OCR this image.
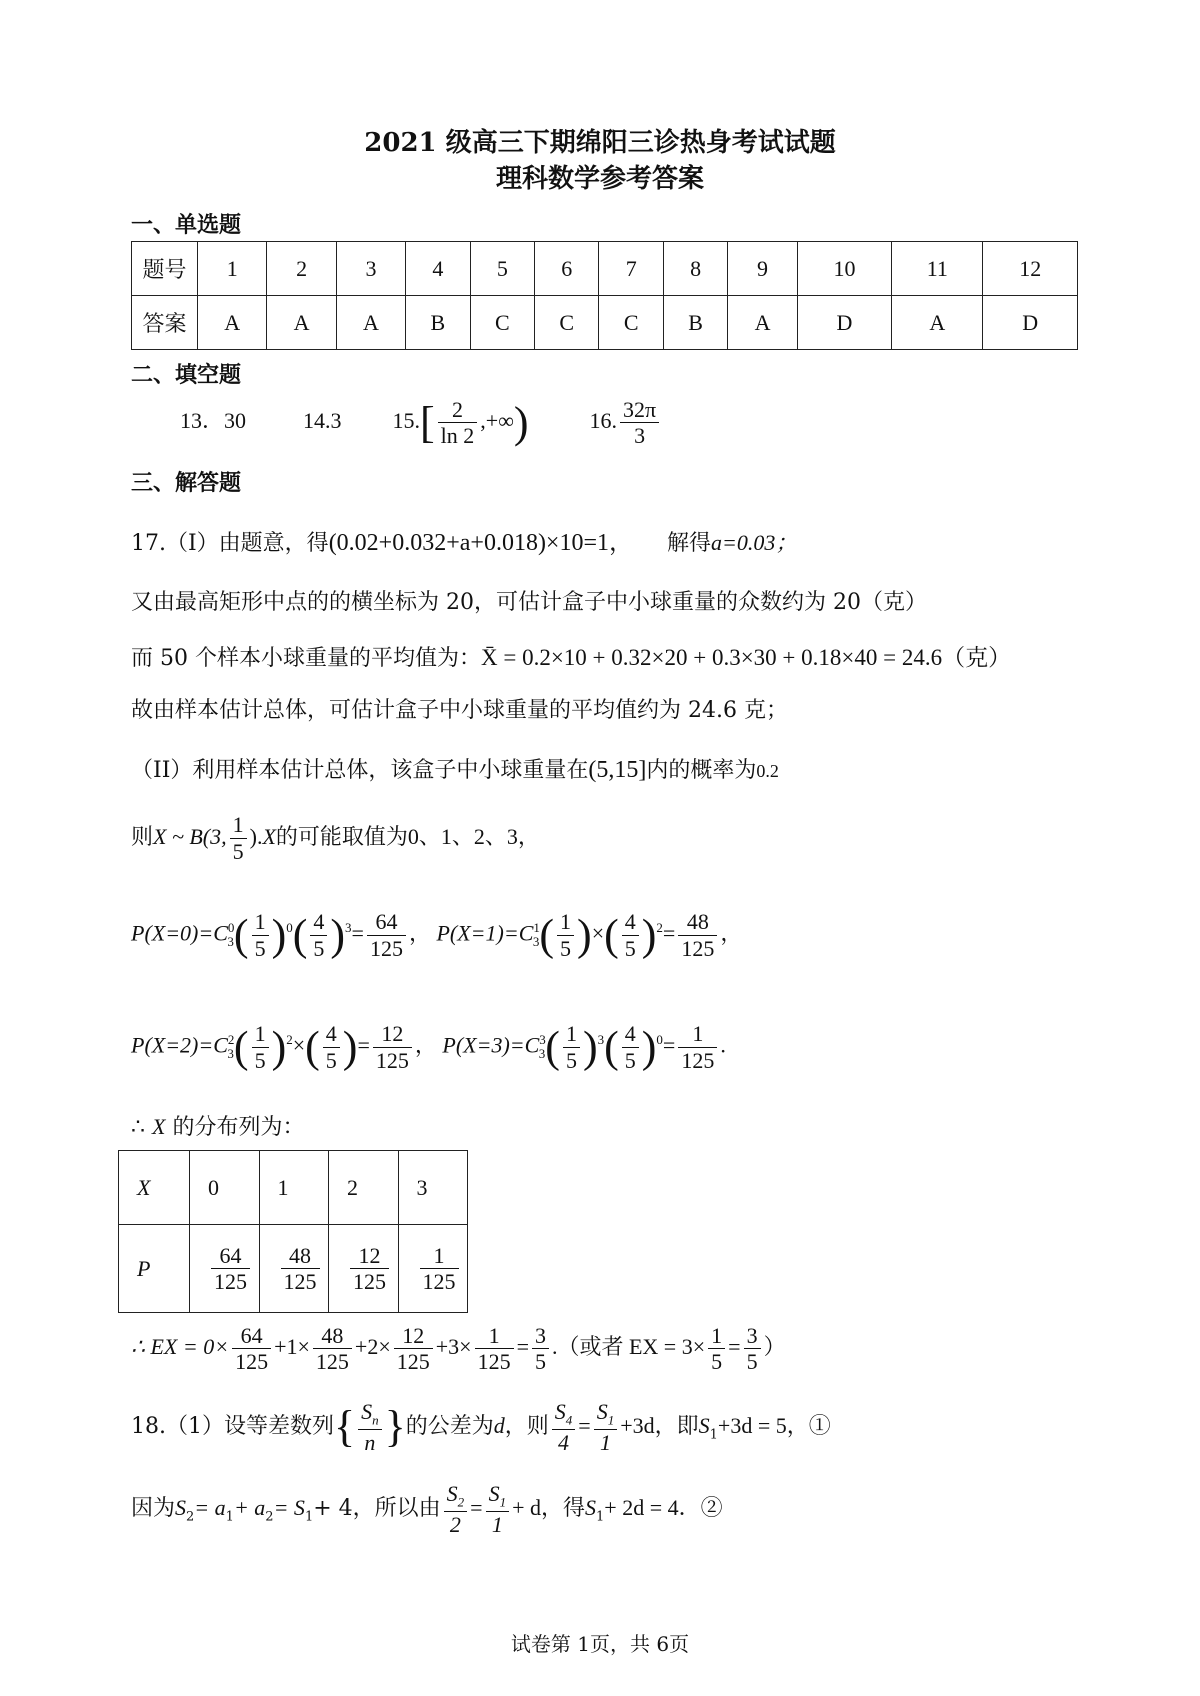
2021 级高三下期绵阳三诊热身考试试题
理科数学参考答案
一、单选题
题号	1	2	3	4	5	6	7	8	9	10	11	12
答案	A	A	A	B	C	C	C	B	A	D	A	D
二、填空题
13．30	14.3 $15.[ \frac{2}{\ln 2}$ ,+∞)	16. $\frac{32\pi}{3}$
三、解答题
17.（I）由题意，得(0.02+0.032+a+0.018)×10=1， 解得a=0.03；
又由最高矩形中点的的横坐标为 20，可估计盒子中小球重量的众数约为 20（克）
而 50 个样本小球重量的平均值为：X̄ = 0.2×10 + 0.32×20 + 0.3×30 + 0.18×40 = 24.6（克）
故由样本估计总体，可估计盒子中小球重量的平均值约为 24.6 克；
（II）利用样本估计总体，该盒子中小球重量在(5,15]内的概率为0.2
则X ~ B(3, $\frac{1}{5} ).X$的可能取值为0、1、2、3，
$P(X=0)=C^0_3( \frac{1}{5} )^0( \frac{4}{5} )^3= \frac{64}{125}$ ， $P(X=1)=C^1_3( \frac{1}{5}$ )×( $\frac{4}{5} )^2= \frac{48}{125}$ ，
$P(X=2)=C^2_3( \frac{1}{5} )^2\times( \frac{4}{5}$ )= $\frac{12}{125}$ ， $P(X=3)=C^3_3( \frac{1}{5} )^3( \frac{4}{5} )^0= \frac{1}{125}$ .
∴ X 的分布列为：
X	0	1	2	3
P	$\frac{64}{125}$	$\frac{48}{125}$	$\frac{12}{125}$	$\frac{1}{125}$
∴ EX = $0\times \frac{64}{125} +1\times \frac{48}{125} +2\times \frac{12}{125} +3\times \frac{1}{125} = \frac{3}{5}$ .（或者 EX = $3\times \frac{1}{5} = \frac{3}{5}$ ）
18.（1）设等差数列{ $\frac{S_n}{n}$ }的公差为d，则 $\frac{S_4}{4} = \frac{S_1}{1} +3d$，即$S_1+3d = 5$，①
因为$S_2= a_1+ a_2= S_1+ 4$，所以由 $\frac{S_2}{2} = \frac{S_1}{1} + d$，得$S_1+ 2d = 4$．②
试卷第 1页，共 6页
